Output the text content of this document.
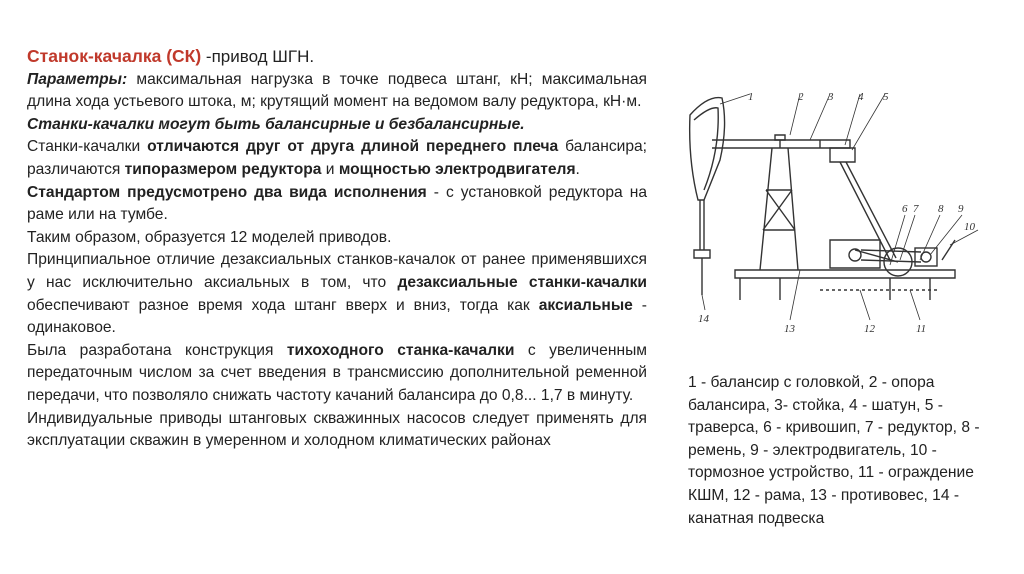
Станок-качалка (СК) -привод ШГН.

Параметры: максимальная нагрузка в точке подвеса штанг, кН; максимальная длина хода устьевого штока, м; крутящий момент на ведомом валу редуктора, кН·м.

Станки-качалки могут быть балансирные и безбалансирные.

Станки-качалки отличаются друг от друга длиной переднего плеча балансира; различаются типоразмером редуктора и мощностью электродвигателя.

Стандартом предусмотрено два вида исполнения - с установкой редуктора на раме или на тумбе.

Таким образом, образуется 12 моделей приводов.

Принципиальное отличие дезаксиальных станков-качалок от ранее применявшихся у нас исключительно аксиальных в том, что дезаксиальные станки-качалки обеспечивают разное время хода штанг вверх и вниз, тогда как аксиальные - одинаковое.

Была разработана конструкция тихоходного станка-качалки с увеличенным передаточным числом за счет введения в трансмиссию дополнительной ременной передачи, что позволяло снижать частоту качаний балансира до 0,8... 1,7 в минуту.

Индивидуальные приводы штанговых скважинных насосов следует применять для эксплуатации скважин в умеренном и холодном климатических районах

1	2 3 4 5
6 7 8 9
10
11
12
13
14
1 - балансир с головкой, 2 - опора балансира, 3- стойка, 4 - шатун, 5 - траверса, 6 - кривошип, 7 - редуктор, 8 - ремень, 9 - электродвигатель, 10 - тормозное устройство, 11 - ограждение КШМ, 12 - рама, 13 - противовес, 14 - канатная подвеска
